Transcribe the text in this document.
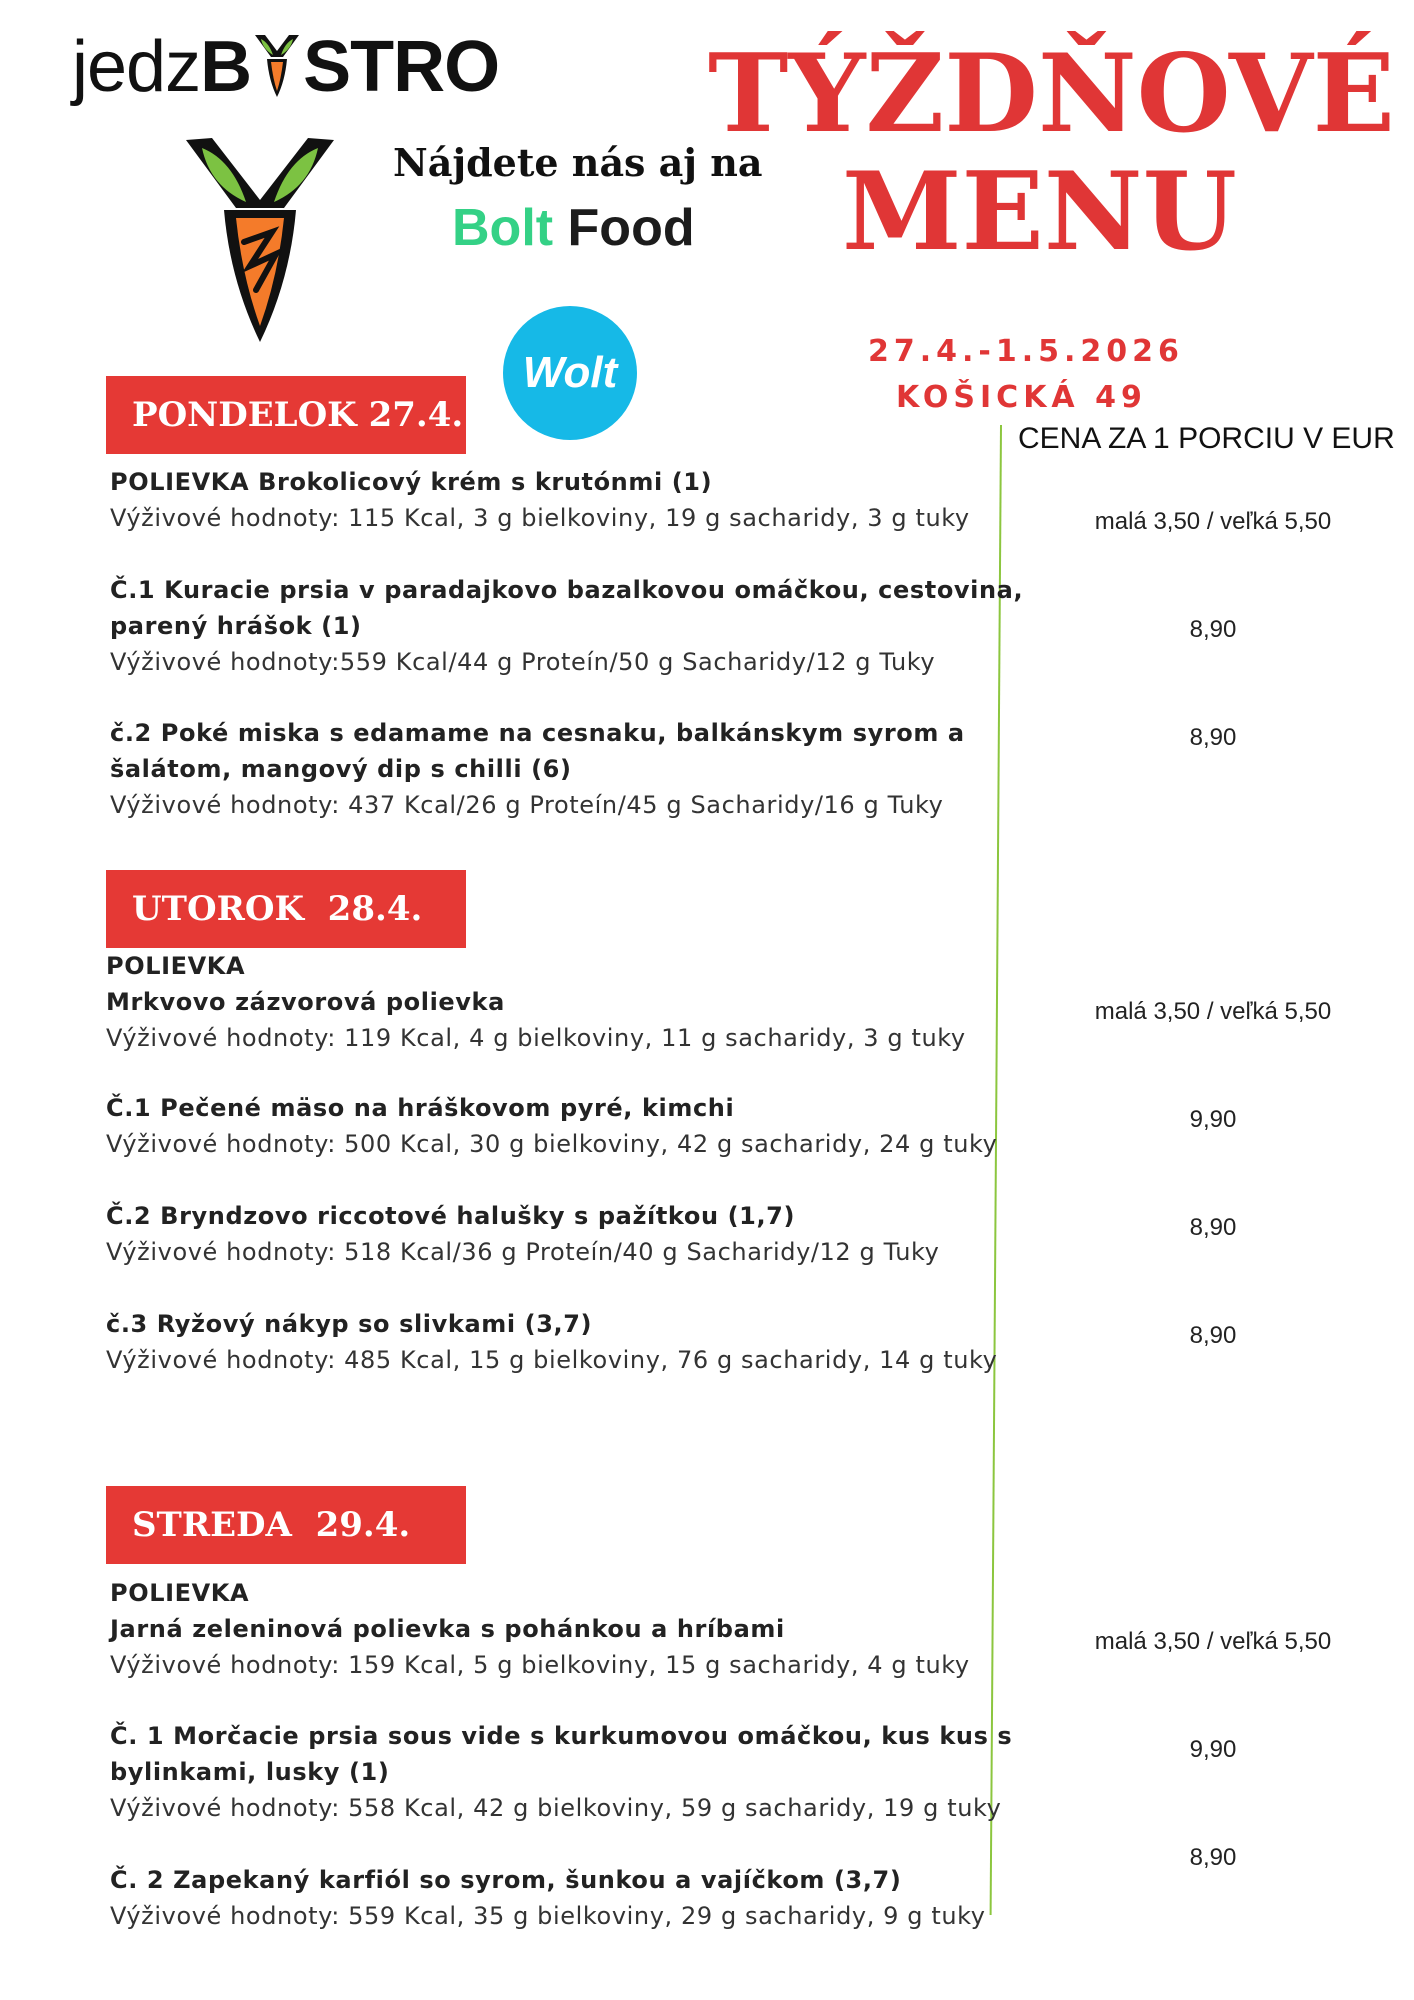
jedzB STRO TÝŽDŇOVÉ
MENU
Nájdete nás aj na
Bolt Food
Wolt	27.4.-1.5.2026
KOŠICKÁ 49
CENA ZA 1 PORCIU V EUR
PONDELOK 27.4.
POLIEVKA Brokolicový krém s krutónmi (1)
Výživové hodnoty: 115 Kcal, 3 g bielkoviny, 19 g sacharidy, 3 g tuky	malá 3,50 / veľká 5,50
Č.1 Kuracie prsia v paradajkovo bazalkovou omáčkou, cestovina,
parený hrášok (1)
Výživové hodnoty:559 Kcal/44 g Proteín/50 g Sacharidy/12 g Tuky
8,90
č.2 Poké miska s edamame na cesnaku, balkánskym syrom a
šalátom, mangový dip s chilli (6)
Výživové hodnoty: 437 Kcal/26 g Proteín/45 g Sacharidy/16 g Tuky
8,90
UTOROK  28.4.
POLIEVKA
Mrkvovo zázvorová polievka
Výživové hodnoty: 119 Kcal, 4 g bielkoviny, 11 g sacharidy, 3 g tuky
malá 3,50 / veľká 5,50
Č.1 Pečené mäso na hráškovom pyré, kimchi
Výživové hodnoty: 500 Kcal, 30 g bielkoviny, 42 g sacharidy, 24 g tuky
9,90
Č.2 Bryndzovo riccotové halušky s pažítkou (1,7)
Výživové hodnoty: 518 Kcal/36 g Proteín/40 g Sacharidy/12 g Tuky
8,90
č.3 Ryžový nákyp so slivkami (3,7)
Výživové hodnoty: 485 Kcal, 15 g bielkoviny, 76 g sacharidy, 14 g tuky
8,90
STREDA  29.4.
POLIEVKA
Jarná zeleninová polievka s pohánkou a hríbami
Výživové hodnoty: 159 Kcal, 5 g bielkoviny, 15 g sacharidy, 4 g tuky
malá 3,50 / veľká 5,50
Č. 1 Morčacie prsia sous vide s kurkumovou omáčkou, kus kus s
bylinkami, lusky (1)
Výživové hodnoty: 558 Kcal, 42 g bielkoviny, 59 g sacharidy, 19 g tuky
9,90
Č. 2 Zapekaný karfiól so syrom, šunkou a vajíčkom (3,7)
Výživové hodnoty: 559 Kcal, 35 g bielkoviny, 29 g sacharidy, 9 g tuky
8,90
